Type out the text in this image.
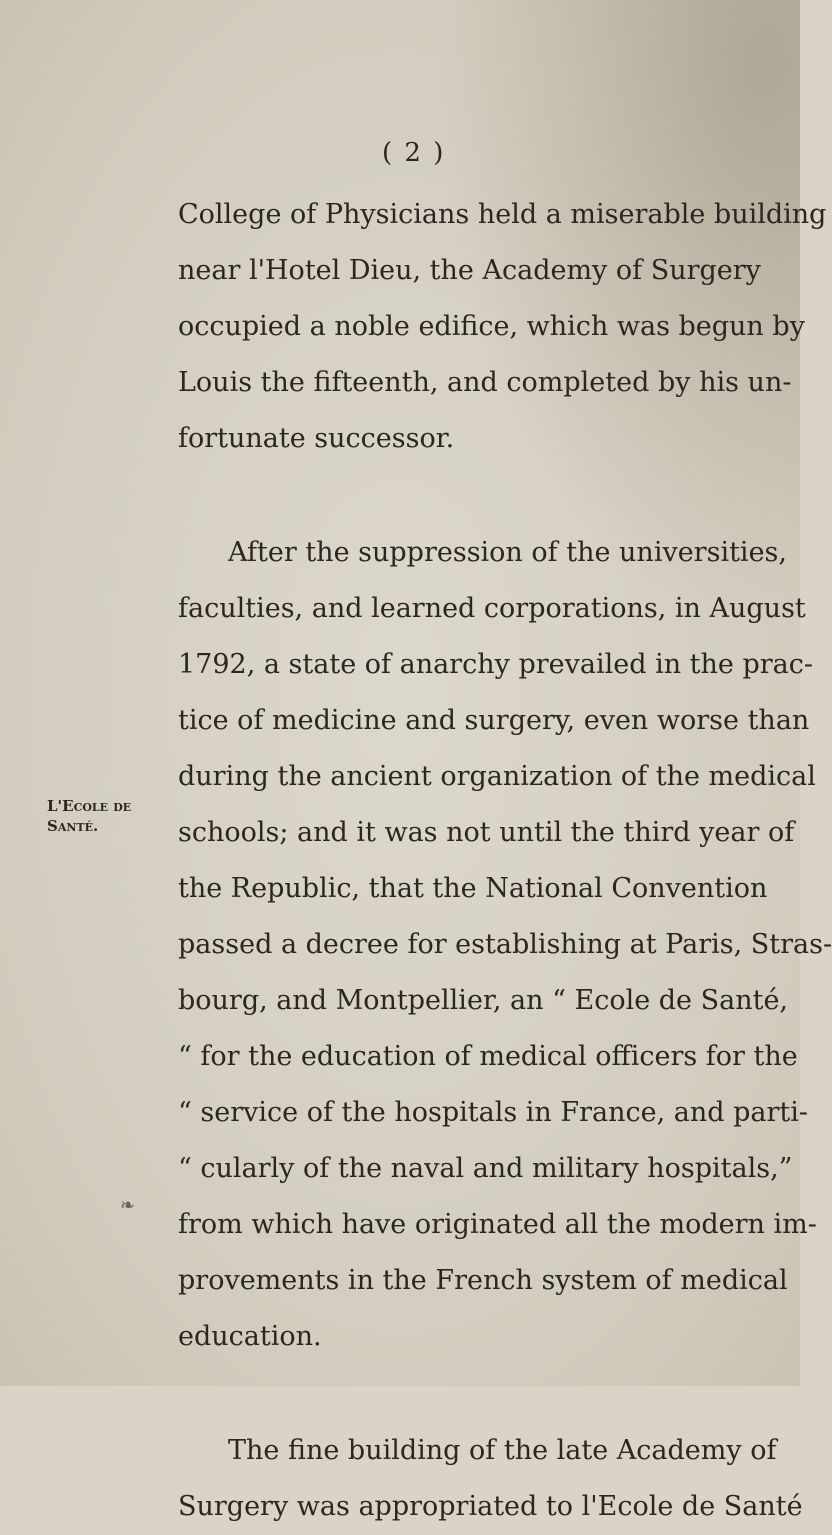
( 2 )
L'Ecole de
Santé.
❧
College of Physicians held a miserable building
near l'Hotel Dieu, the Academy of Surgery
occupied a noble edifice, which was begun by
Louis the fifteenth, and completed by his un-
fortunate successor.
After the suppression of the universities,
faculties, and learned corporations, in August
1792, a state of anarchy prevailed in the prac-
tice of medicine and surgery, even worse than
during the ancient organization of the medical
schools; and it was not until the third year of
the Republic, that the National Convention
passed a decree for establishing at Paris, Stras-
bourg, and Montpellier, an “ Ecole de Santé,
“ for the education of medical officers for the
“ service of the hospitals in France, and parti-
“ cularly of the naval and military hospitals,”
from which have originated all the modern im-
provements in the French system of medical
education.
The fine building of the late Academy of
Surgery was appropriated to l'Ecole de Santé
